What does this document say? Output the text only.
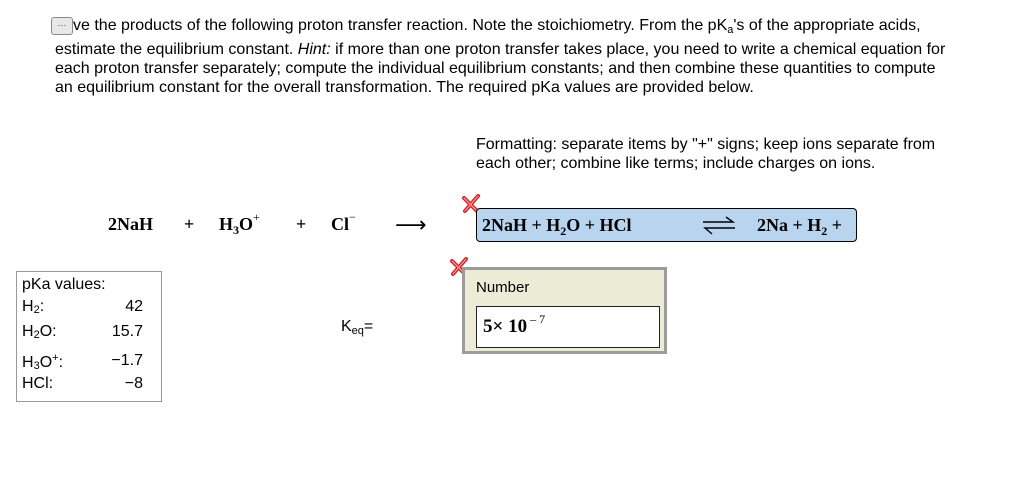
··· ve the products of the following proton transfer reaction. Note the stoichiometry. From the $pK_a's$ of the appropriate acids, estimate the equilibrium constant. Hint: if more than one proton transfer takes place, you need to write a chemical equation for each proton transfer separately; compute the individual equilibrium constants; and then combine these quantities to compute an equilibrium constant for the overall transformation. The required pKa values are provided below.
Formatting: separate items by "+" signs; keep ions separate from each other; combine like terms; include charges on ions.
$2NaH + H_3O^+ + Cl^-$ ⟶	$2NaH + H_2O$ + HCl	⇌ $2Na + H_2$ +
pKa values:
H2:	42
H2O:	15.7
H3O+:	−1.7
HCl:	−8
Keq=
Number
5× 10 $^{- 7}$
